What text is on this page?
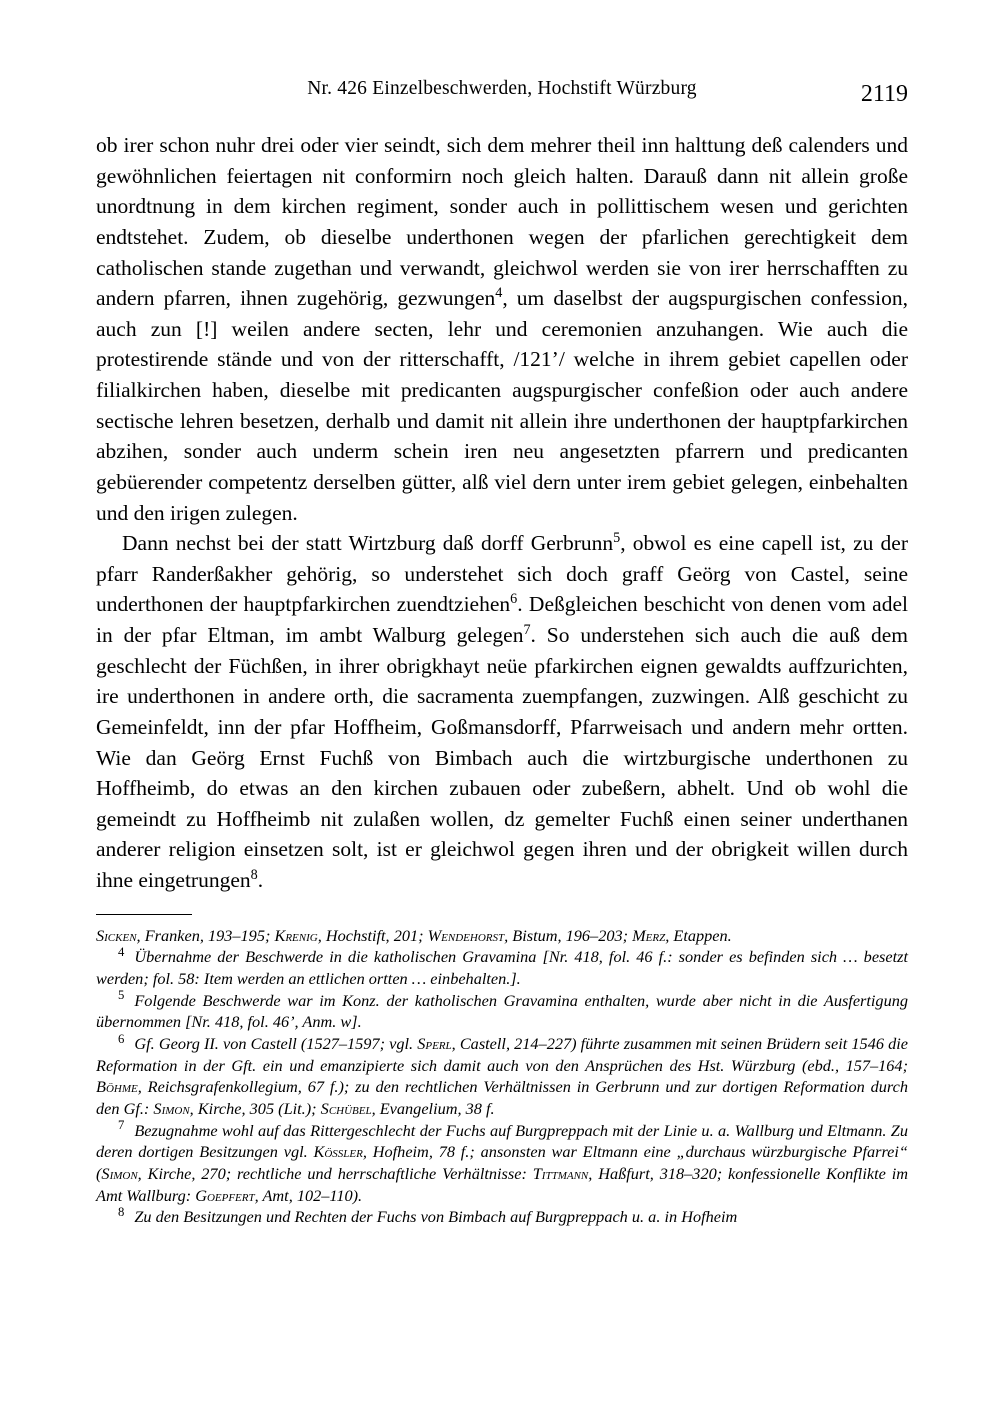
Nr. 426 Einzelbeschwerden, Hochstift Würzburg	2119

ob irer schon nuhr drei oder vier seindt, sich dem mehrer theil inn halttung deß calenders und gewöhnlichen feiertagen nit conformirn noch gleich halten. Darauß dann nit allein große unordtnung in dem kirchen regiment, sonder auch in pollittischem wesen und gerichten endtstehet. Zudem, ob dieselbe underthonen wegen der pfarlichen gerechtigkeit dem catholischen stande zugethan und verwandt, gleichwol werden sie von irer herrschafften zu andern pfarren, ihnen zugehörig, gezwungen$^4$, um daselbst der augspurgischen confession, auch zun [!] weilen andere secten, lehr und ceremonien anzuhangen. Wie auch die protestirende stände und von der ritterschafft, /121’/ welche in ihrem gebiet capellen oder filialkirchen haben, dieselbe mit predicanten augspurgischer confeßion oder auch andere sectische lehren besetzen, derhalb und damit nit allein ihre underthonen der hauptpfarkirchen abzihen, sonder auch underm schein iren neu angesetzten pfarrern und predicanten gebüerender competentz derselben gütter, alß viel dern unter irem gebiet gelegen, einbehalten und den irigen zulegen.

Dann nechst bei der statt Wirtzburg daß dorff Gerbrunn$^5$, obwol es eine capell ist, zu der pfarr Randerßakher gehörig, so understehet sich doch graff Geörg von Castel, seine underthonen der hauptpfarkirchen zuendtziehen$^6$. Deßgleichen beschicht von denen vom adel in der pfar Eltman, im ambt Walburg gelegen$^7$. So understehen sich auch die auß dem geschlecht der Füchßen, in ihrer obrigkhayt neüe pfarkirchen eignen gewaldts auffzurichten, ire underthonen in andere orth, die sacramenta zuempfangen, zuzwingen. Alß geschicht zu Gemeinfeldt, inn der pfar Hoffheim, Goßmansdorff, Pfarrweisach und andern mehr ortten. Wie dan Geörg Ernst Fuchß von Bimbach auch die wirtzburgische underthonen zu Hoffheimb, do etwas an den kirchen zubauen oder zubeßern, abhelt. Und ob wohl die gemeindt zu Hoffheimb nit zulaßen wollen, dz gemelter Fuchß einen seiner underthanen anderer religion einsetzen solt, ist er gleichwol gegen ihren und der obrigkeit willen durch ihne eingetrungen$^8$.

Sicken, Franken, 193–195; Krenig, Hochstift, 201; Wendehorst, Bistum, 196–203; Merz, Etappen.

4 Übernahme der Beschwerde in die katholischen Gravamina [Nr. 418, fol. 46 f.: sonder es befinden sich … besetzt werden; fol. 58: Item werden an ettlichen ortten … einbehalten.].

5 Folgende Beschwerde war im Konz. der katholischen Gravamina enthalten, wurde aber nicht in die Ausfertigung übernommen [Nr. 418, fol. 46’, Anm. w].

6 Gf. Georg II. von Castell (1527–1597; vgl. Sperl, Castell, 214–227) führte zusammen mit seinen Brüdern seit 1546 die Reformation in der Gft. ein und emanzipierte sich damit auch von den Ansprüchen des Hst. Würzburg (ebd., 157–164; Böhme, Reichsgrafenkollegium, 67 f.); zu den rechtlichen Verhältnissen in Gerbrunn und zur dortigen Reformation durch den Gf.: Simon, Kirche, 305 (Lit.); Schübel, Evangelium, 38 f.

7 Bezugnahme wohl auf das Rittergeschlecht der Fuchs auf Burgpreppach mit der Linie u. a. Wallburg und Eltmann. Zu deren dortigen Besitzungen vgl. Kössler, Hofheim, 78 f.; ansonsten war Eltmann eine „durchaus würzburgische Pfarrei“ (Simon, Kirche, 270; rechtliche und herrschaftliche Verhältnisse: Tittmann, Haßfurt, 318–320; konfessionelle Konflikte im Amt Wallburg: Goepfert, Amt, 102–110).

8 Zu den Besitzungen und Rechten der Fuchs von Bimbach auf Burgpreppach u. a. in Hofheim
